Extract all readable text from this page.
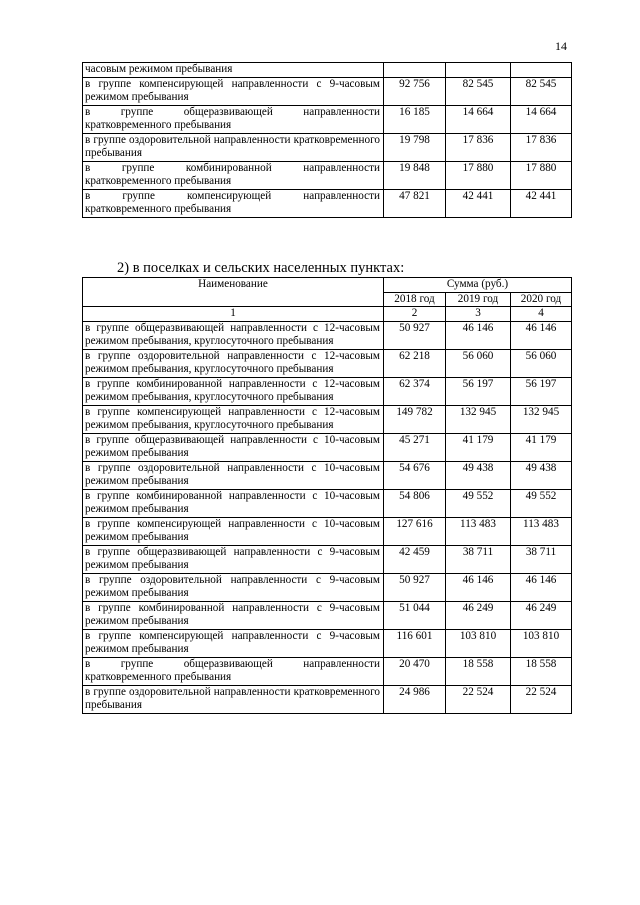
14
часовым режимом пребывания			
в группе компенсирующей направленности с 9-часовым режимом пребывания	92 756	82 545	82 545
в группе общеразвивающей направленности кратковременного пребывания	16 185	14 664	14 664
в группе оздоровительной направленности кратковременного пребывания	19 798	17 836	17 836
в группе комбинированной направленности кратковременного пребывания	19 848	17 880	17 880
в группе компенсирующей направленности кратковременного пребывания	47 821	42 441	42 441
2) в поселках и сельских населенных пунктах:
Наименование	Сумма (руб.)		
	2018 год	2019 год	2020 год
1	2	3	4
в группе общеразвивающей направленности с 12-часовым режимом пребывания, круглосуточного пребывания	50 927	46 146	46 146
в группе оздоровительной направленности с 12-часовым режимом пребывания, круглосуточного пребывания	62 218	56 060	56 060
в группе комбинированной направленности с 12-часовым режимом пребывания, круглосуточного пребывания	62 374	56 197	56 197
в группе компенсирующей направленности с 12-часовым режимом пребывания, круглосуточного пребывания	149 782	132 945	132 945
в группе общеразвивающей направленности с 10-часовым режимом пребывания	45 271	41 179	41 179
в группе оздоровительной направленности с 10-часовым режимом пребывания	54 676	49 438	49 438
в группе комбинированной направленности с 10-часовым режимом пребывания	54 806	49 552	49 552
в группе компенсирующей направленности с 10-часовым режимом пребывания	127 616	113 483	113 483
в группе общеразвивающей направленности с 9-часовым режимом пребывания	42 459	38 711	38 711
в группе оздоровительной направленности с 9-часовым режимом пребывания	50 927	46 146	46 146
в группе комбинированной направленности с 9-часовым режимом пребывания	51 044	46 249	46 249
в группе компенсирующей направленности с 9-часовым режимом пребывания	116 601	103 810	103 810
в группе общеразвивающей направленности кратковременного пребывания	20 470	18 558	18 558
в группе оздоровительной направленности кратковременного пребывания	24 986	22 524	22 524
